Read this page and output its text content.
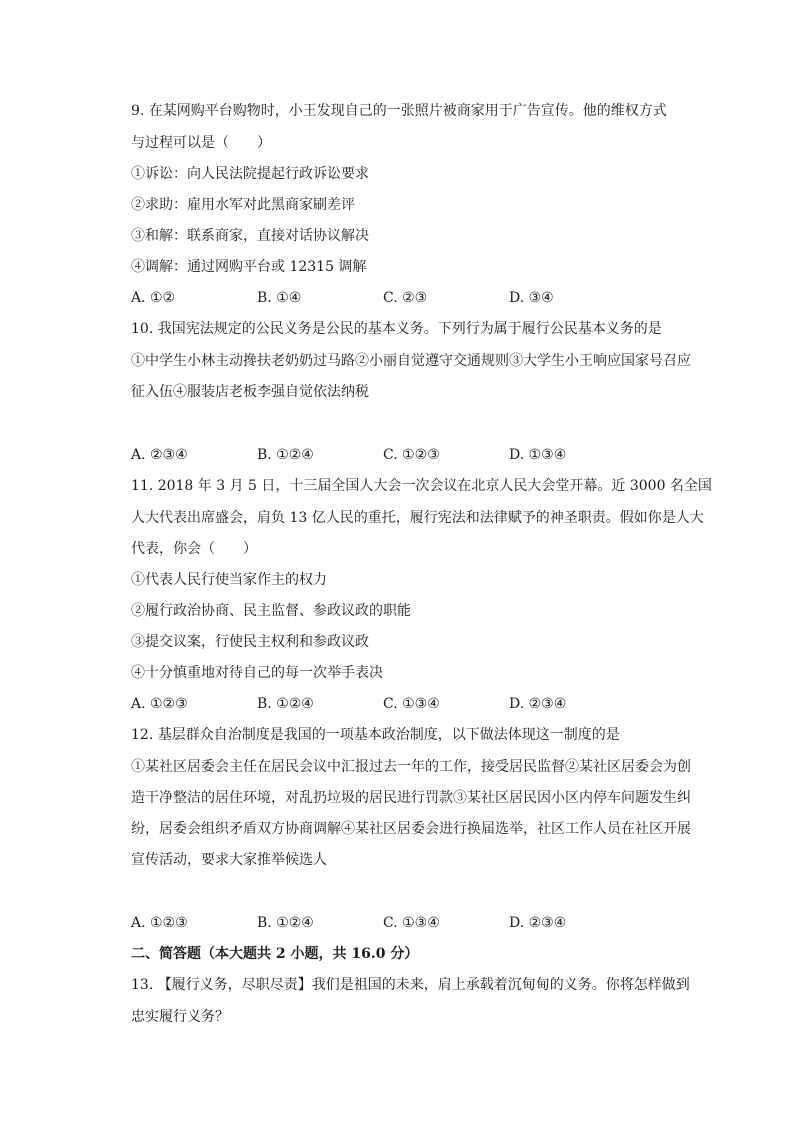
9. 在某网购平台购物时，小王发现自己的一张照片被商家用于广告宣传。他的维权方式
与过程可以是（　　）
①诉讼：向人民法院提起行政诉讼要求
②求助：雇用水军对此黑商家刷差评
③和解：联系商家，直接对话协议解决
④调解：通过网购平台或 12315 调解
A. ①②	B. ①④	C. ②③	D. ③④
10. 我国宪法规定的公民义务是公民的基本义务。下列行为属于履行公民基本义务的是
①中学生小林主动搀扶老奶奶过马路②小丽自觉遵守交通规则③大学生小王响应国家号召应
征入伍④服装店老板李强自觉依法纳税
A. ②③④	B. ①②④	C. ①②③	D. ①③④
11. 2018 年 3 月 5 日，十三届全国人大会一次会议在北京人民大会堂开幕。近 3000 名全国
人大代表出席盛会，肩负 13 亿人民的重托，履行宪法和法律赋予的神圣职责。假如你是人大
代表，你会（　　）
①代表人民行使当家作主的权力
②履行政治协商、民主监督、参政议政的职能
③提交议案，行使民主权利和参政议政
④十分慎重地对待自己的每一次举手表决
A. ①②③	B. ①②④	C. ①③④	D. ②③④
12. 基层群众自治制度是我国的一项基本政治制度，以下做法体现这一制度的是
①某社区居委会主任在居民会议中汇报过去一年的工作，接受居民监督②某社区居委会为创
造干净整洁的居住环境，对乱扔垃圾的居民进行罚款③某社区居民因小区内停车问题发生纠
纷，居委会组织矛盾双方协商调解④某社区居委会进行换届选举，社区工作人员在社区开展
宣传活动，要求大家推举候选人
A. ①②③	B. ①②④	C. ①③④	D. ②③④
二、简答题（本大题共 2 小题，共 16.0 分）
13. 【履行义务，尽职尽责】我们是祖国的未来，肩上承载着沉甸甸的义务。你将怎样做到
忠实履行义务？
